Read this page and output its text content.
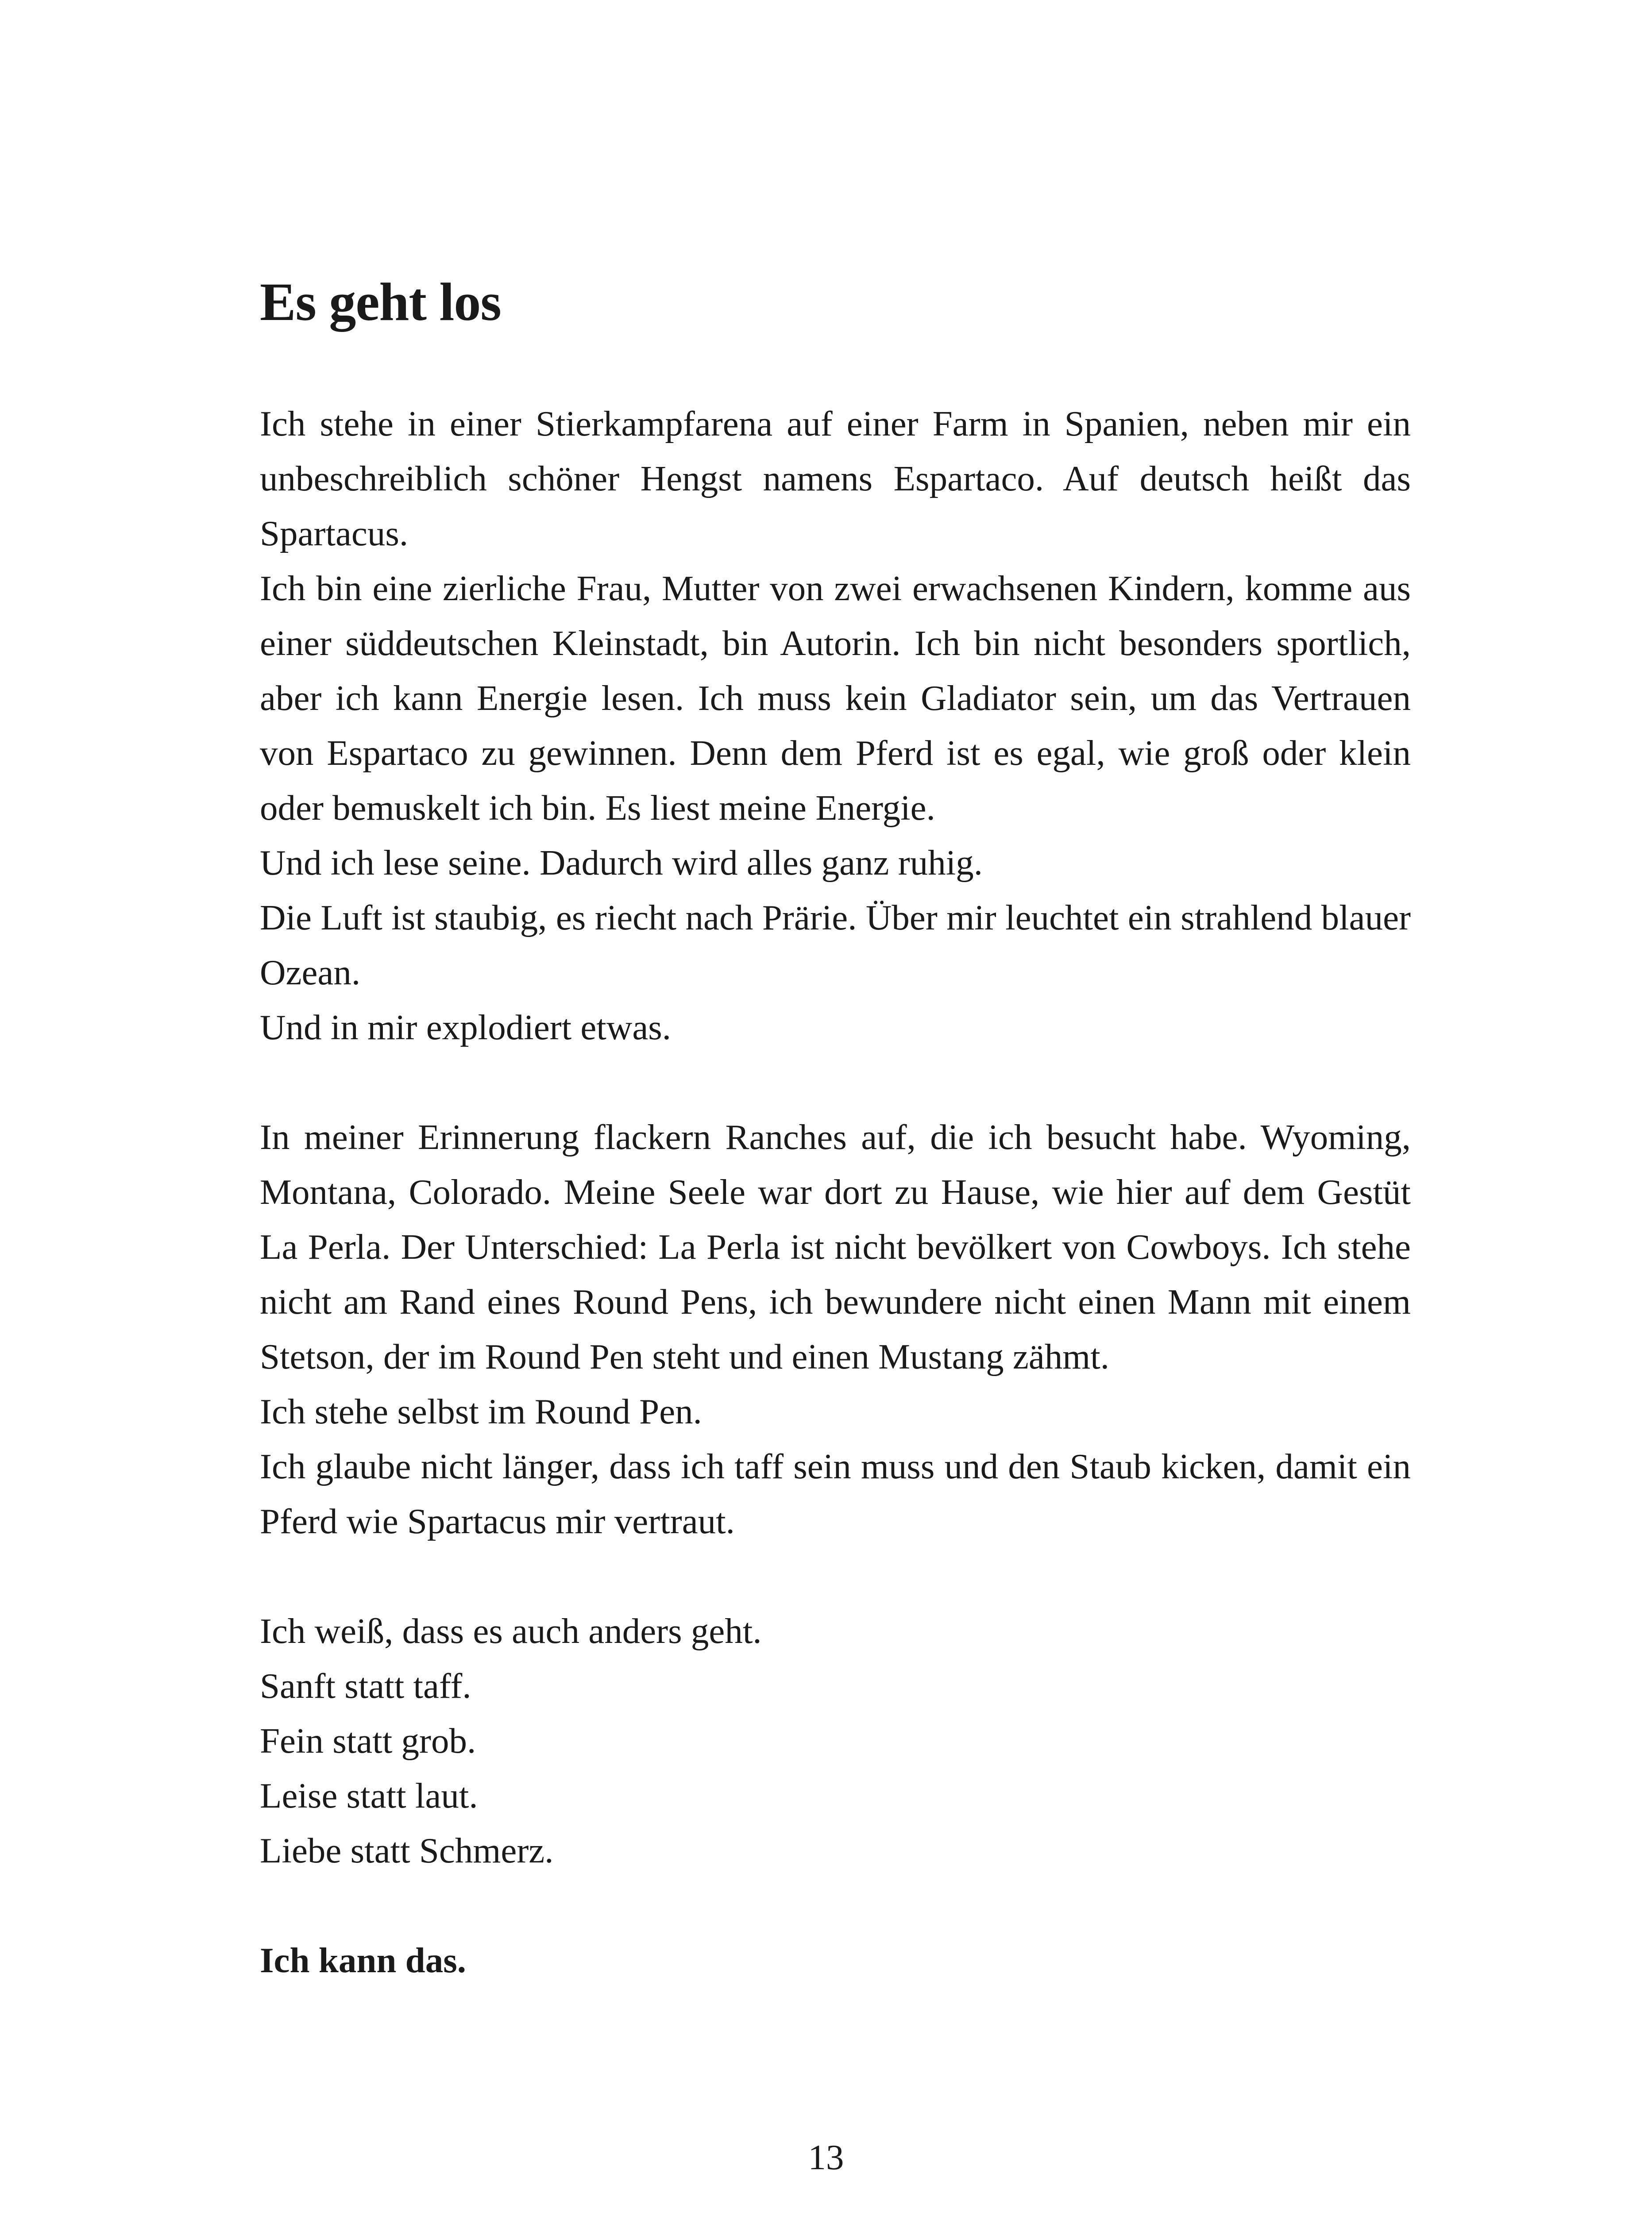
Es geht los

Ich stehe in einer Stierkampfarena auf einer Farm in Spanien, neben mir ein unbeschreiblich schöner Hengst namens Espartaco. Auf deutsch heißt das Spartacus.

Ich bin eine zierliche Frau, Mutter von zwei erwachsenen Kindern, komme aus einer süddeutschen Kleinstadt, bin Autorin. Ich bin nicht besonders sportlich, aber ich kann Energie lesen. Ich muss kein Gladiator sein, um das Vertrauen von Espartaco zu gewinnen. Denn dem Pferd ist es egal, wie groß oder klein oder bemuskelt ich bin. Es liest meine Energie.

Und ich lese seine. Dadurch wird alles ganz ruhig.

Die Luft ist staubig, es riecht nach Prärie. Über mir leuchtet ein strahlend blauer Ozean.

Und in mir explodiert etwas.

In meiner Erinnerung flackern Ranches auf, die ich besucht habe. Wyoming, Montana, Colorado. Meine Seele war dort zu Hause, wie hier auf dem Gestüt La Perla. Der Unterschied: La Perla ist nicht bevölkert von Cowboys. Ich stehe nicht am Rand eines Round Pens, ich bewundere nicht einen Mann mit einem Stetson, der im Round Pen steht und einen Mustang zähmt.

Ich stehe selbst im Round Pen.

Ich glaube nicht länger, dass ich taff sein muss und den Staub kicken, damit ein Pferd wie Spartacus mir vertraut.

Ich weiß, dass es auch anders geht.

Sanft statt taff.

Fein statt grob.

Leise statt laut.

Liebe statt Schmerz.

Ich kann das.

13
